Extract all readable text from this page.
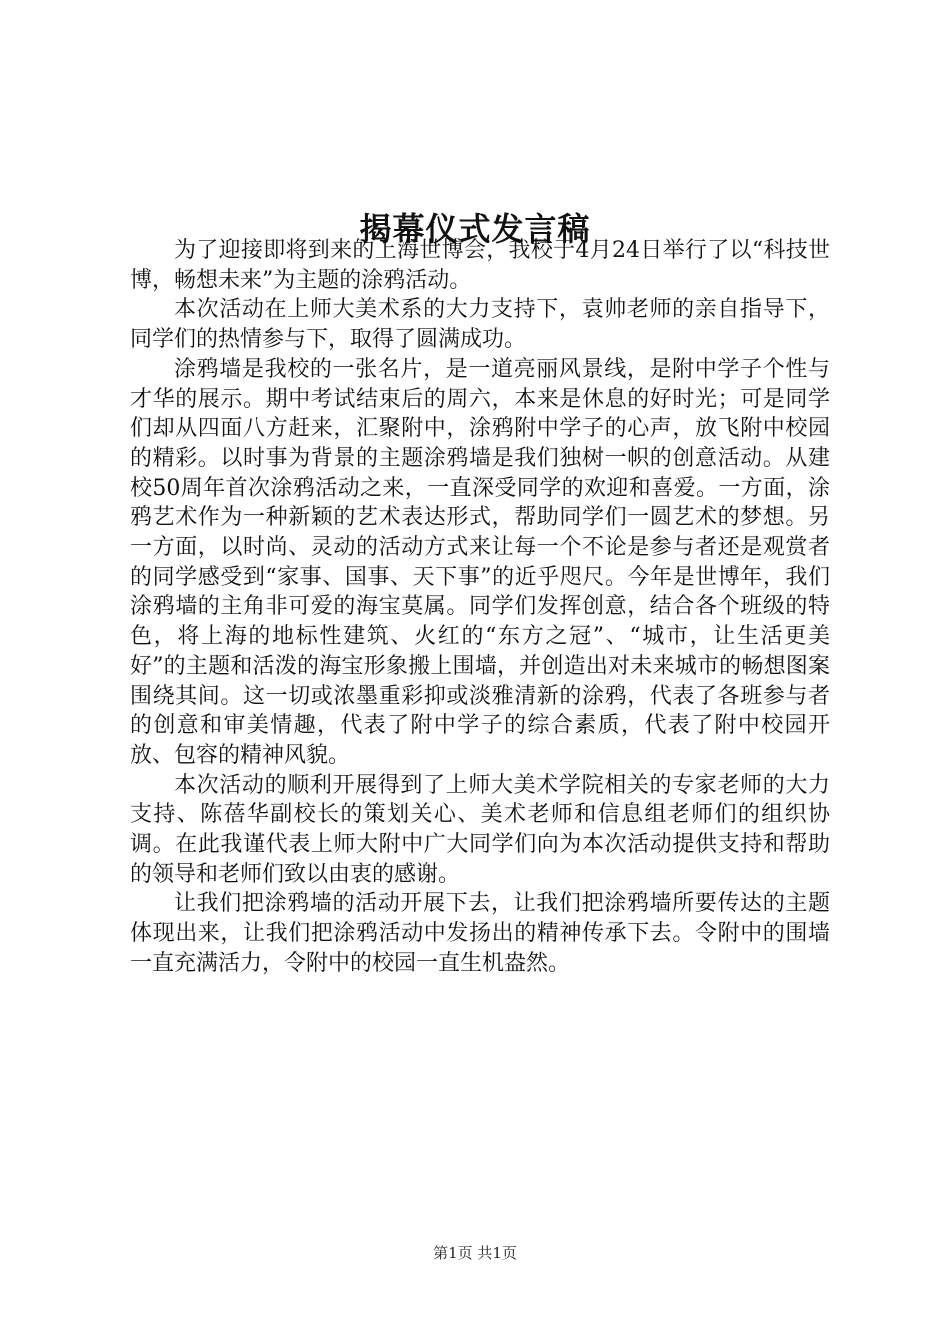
揭幕仪式发言稿

为了迎接即将到来的上海世博会，我校于4月24日举行了以“科技世博，畅想未来”为主题的涂鸦活动。

本次活动在上师大美术系的大力支持下，袁帅老师的亲自指导下，同学们的热情参与下，取得了圆满成功。

涂鸦墙是我校的一张名片，是一道亮丽风景线，是附中学子个性与才华的展示。期中考试结束后的周六，本来是休息的好时光；可是同学们却从四面八方赶来，汇聚附中，涂鸦附中学子的心声，放飞附中校园的精彩。以时事为背景的主题涂鸦墙是我们独树一帜的创意活动。从建校50周年首次涂鸦活动之来，一直深受同学的欢迎和喜爱。一方面，涂鸦艺术作为一种新颖的艺术表达形式，帮助同学们一圆艺术的梦想。另一方面，以时尚、灵动的活动方式来让每一个不论是参与者还是观赏者的同学感受到“家事、国事、天下事”的近乎咫尺。今年是世博年，我们涂鸦墙的主角非可爱的海宝莫属。同学们发挥创意，结合各个班级的特色，将上海的地标性建筑、火红的“东方之冠”、“城市，让生活更美好”的主题和活泼的海宝形象搬上围墙，并创造出对未来城市的畅想图案围绕其间。这一切或浓墨重彩抑或淡雅清新的涂鸦，代表了各班参与者的创意和审美情趣，代表了附中学子的综合素质，代表了附中校园开放、包容的精神风貌。

本次活动的顺利开展得到了上师大美术学院相关的专家老师的大力支持、陈蓓华副校长的策划关心、美术老师和信息组老师们的组织协调。在此我谨代表上师大附中广大同学们向为本次活动提供支持和帮助的领导和老师们致以由衷的感谢。

让我们把涂鸦墙的活动开展下去，让我们把涂鸦墙所要传达的主题体现出来，让我们把涂鸦活动中发扬出的精神传承下去。令附中的围墙一直充满活力，令附中的校园一直生机盎然。

第1页 共1页
